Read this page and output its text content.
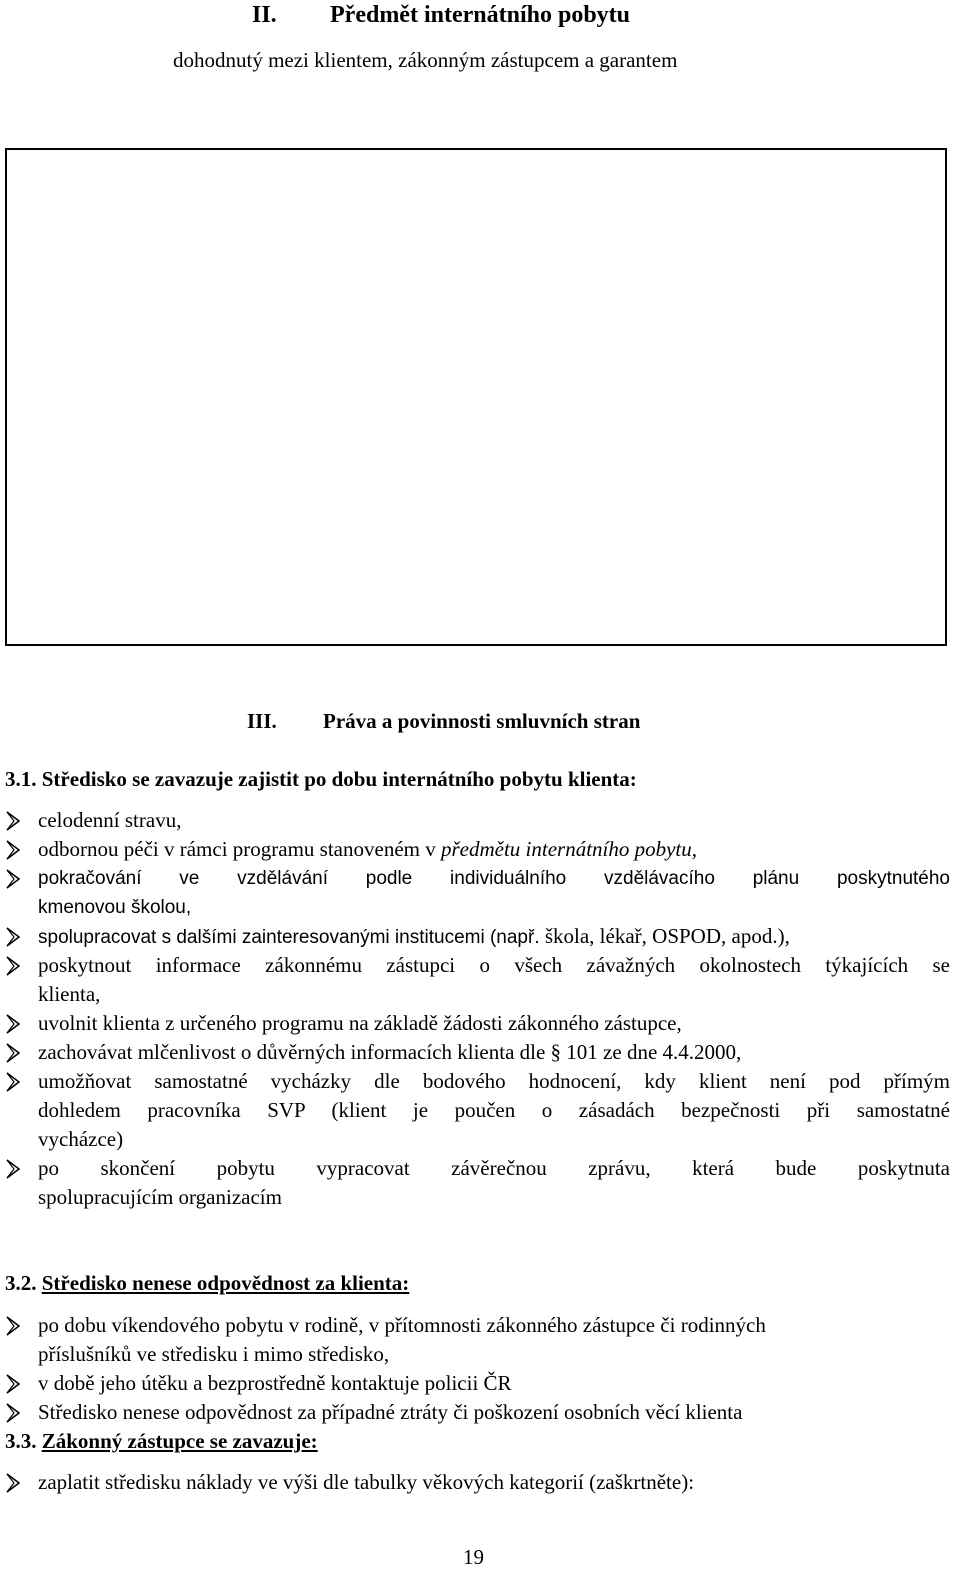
II. Předmět internátního pobytu
dohodnutý mezi klientem, zákonným zástupcem a garantem
III. Práva a povinnosti smluvních stran
3.1. Středisko se zavazuje zajistit po dobu internátního pobytu klienta:
celodenní stravu,
odbornou péči v rámci programu stanoveném v předmětu internátního pobytu,
pokračování ve vzdělávání podle individuálního vzdělávacího plánu poskytnutého
kmenovou školou,
spolupracovat s dalšími zainteresovanými institucemi (např. škola, lékař, OSPOD, apod.),
poskytnout informace zákonnému zástupci o všech závažných okolnostech týkajících se
klienta,
uvolnit klienta z určeného programu na základě žádosti zákonného zástupce,
zachovávat mlčenlivost o důvěrných informacích klienta dle § 101 ze dne 4.4.2000,
umožňovat samostatné vycházky dle bodového hodnocení, kdy klient není pod přímým
dohledem pracovníka SVP (klient je poučen o zásadách bezpečnosti při samostatné
vycházce)
po skončení pobytu vypracovat závěrečnou zprávu, která bude poskytnuta
spolupracujícím organizacím
3.2. Středisko nenese odpovědnost za klienta:
po dobu víkendového pobytu v rodině, v přítomnosti zákonného zástupce či rodinných
příslušníků ve středisku i mimo středisko,
v době jeho útěku a bezprostředně kontaktuje policii ČR
Středisko nenese odpovědnost za případné ztráty či poškození osobních věcí klienta
3.3. Zákonný zástupce se zavazuje:
zaplatit středisku náklady ve výši dle tabulky věkových kategorií (zaškrtněte):
19
